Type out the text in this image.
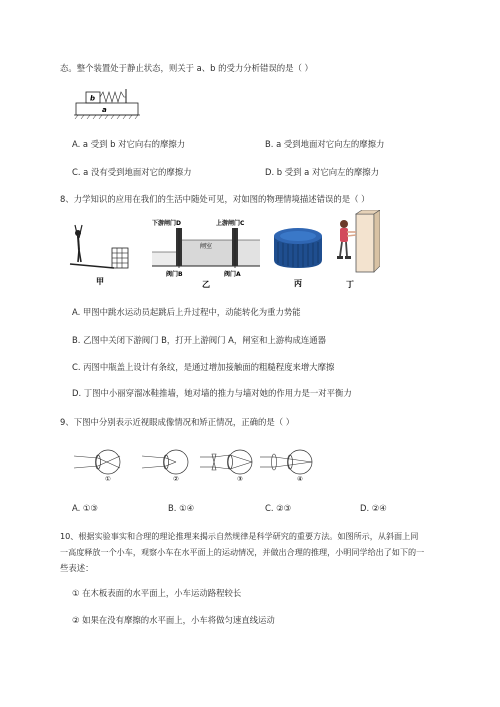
态。整个装置处于静止状态，则关于 a、b 的受力分析错误的是（ ）
b
a
A. a 受到 b 对它向右的摩擦力	B. a 受到地面对它向左的摩擦力
C. a 没有受到地面对它的摩擦力	D. b 受到 a 对它向左的摩擦力
8、力学知识的应用在我们的生活中随处可见，对如图的物理情境描述错误的是（ ）
甲
下游闸门D	上游闸门C
闸室
阀门B	阀门A
乙	丙	丁
A. 甲图中跳水运动员起跳后上升过程中，动能转化为重力势能
B. 乙图中关闭下游阀门 B，打开上游阀门 A，闸室和上游构成连通器
C. 丙图中瓶盖上设计有条纹，是通过增加接触面的粗糙程度来增大摩擦
D. 丁图中小丽穿溜冰鞋推墙，她对墙的推力与墙对她的作用力是一对平衡力
9、下图中分别表示近视眼成像情况和矫正情况，正确的是（ ）
①	②	③	④
A. ①③	B. ①④	C. ②③	D. ②④
10、根据实验事实和合理的理论推理来揭示自然规律是科学研究的重要方法。如图所示，从斜面上同
一高度释放一个小车，观察小车在水平面上的运动情况，并做出合理的推理，小明同学给出了如下的一
些表述：
① 在木板表面的水平面上，小车运动路程较长
② 如果在没有摩擦的水平面上，小车将做匀速直线运动
